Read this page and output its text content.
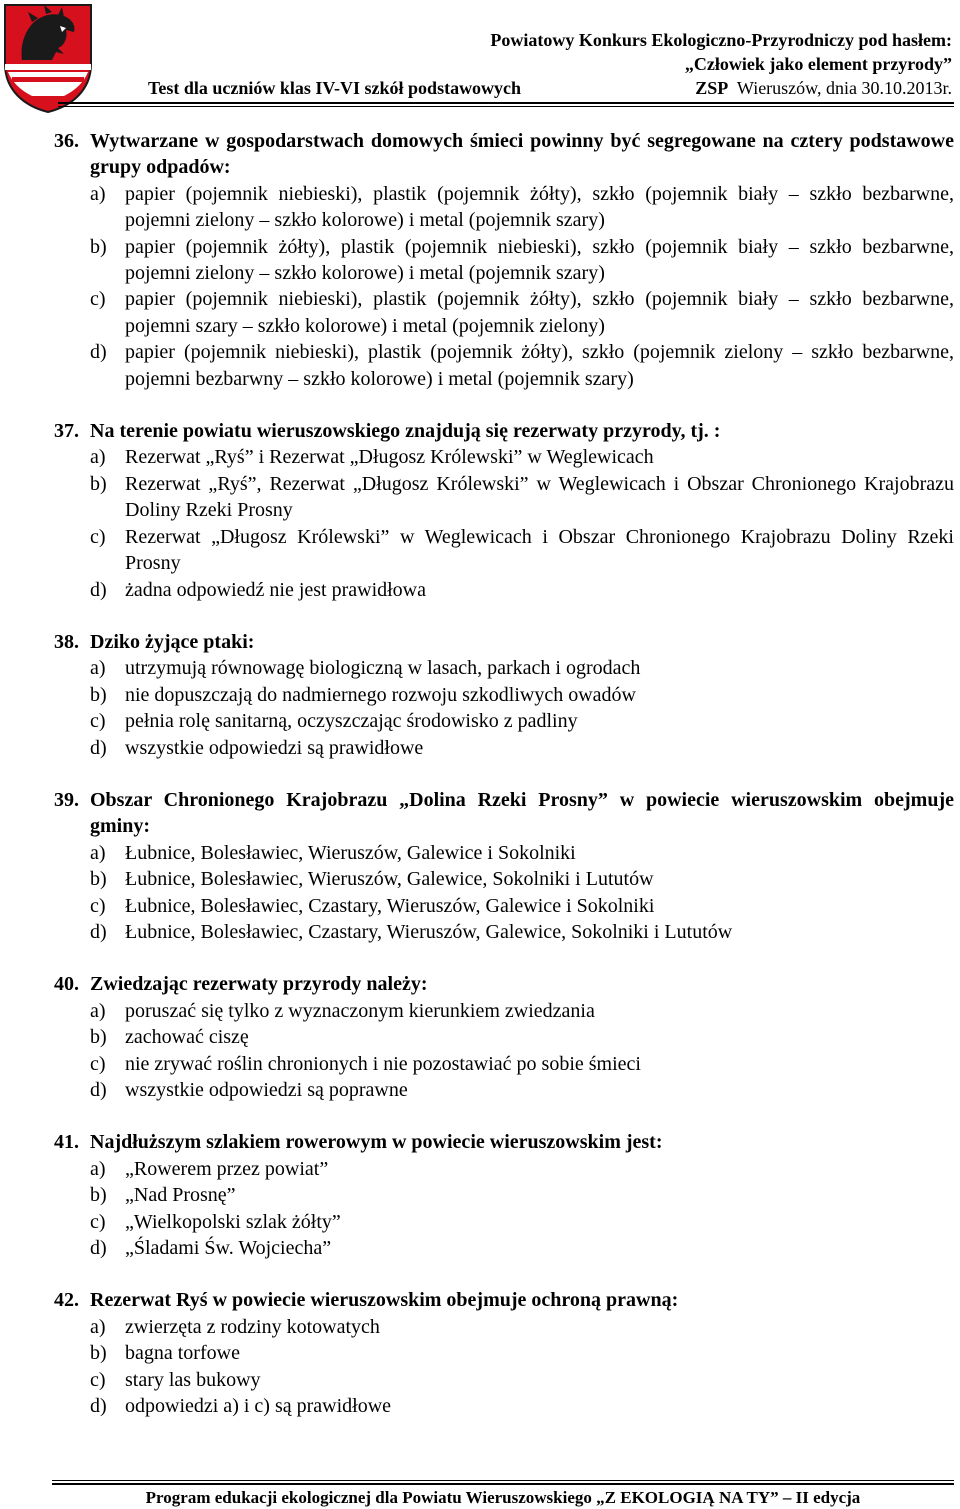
Powiatowy Konkurs Ekologiczno-Przyrodniczy pod hasłem:
„Człowiek jako element przyrody”
Test dla uczniów klas IV-VI szkół podstawowych	ZSP Wieruszów, dnia 30.10.2013r.
36. Wytwarzane w gospodarstwach domowych śmieci powinny być segregowane na cztery podstawowe grupy odpadów:
a) papier (pojemnik niebieski), plastik (pojemnik żółty), szkło (pojemnik biały – szkło bezbarwne, pojemni zielony – szkło kolorowe) i metal (pojemnik szary)
b) papier (pojemnik żółty), plastik (pojemnik niebieski), szkło (pojemnik biały – szkło bezbarwne, pojemni zielony – szkło kolorowe) i metal (pojemnik szary)
c) papier (pojemnik niebieski), plastik (pojemnik żółty), szkło (pojemnik biały – szkło bezbarwne, pojemni szary – szkło kolorowe) i metal (pojemnik zielony)
d) papier (pojemnik niebieski), plastik (pojemnik żółty), szkło (pojemnik zielony – szkło bezbarwne, pojemni bezbarwny – szkło kolorowe) i metal (pojemnik szary)
37. Na terenie powiatu wieruszowskiego znajdują się rezerwaty przyrody, tj. :
a) Rezerwat „Ryś” i Rezerwat „Długosz Królewski” w Weglewicach
b) Rezerwat „Ryś”, Rezerwat „Długosz Królewski” w Weglewicach i Obszar Chronionego Krajobrazu Doliny Rzeki Prosny
c) Rezerwat „Długosz Królewski” w Weglewicach i Obszar Chronionego Krajobrazu Doliny Rzeki Prosny
d) żadna odpowiedź nie jest prawidłowa
38. Dziko żyjące ptaki:
a) utrzymują równowagę biologiczną w lasach, parkach i ogrodach
b) nie dopuszczają do nadmiernego rozwoju szkodliwych owadów
c) pełnia rolę sanitarną, oczyszczając środowisko z padliny
d) wszystkie odpowiedzi są prawidłowe
39. Obszar Chronionego Krajobrazu „Dolina Rzeki Prosny” w powiecie wieruszowskim obejmuje gminy:
a) Łubnice, Bolesławiec, Wieruszów, Galewice i Sokolniki
b) Łubnice, Bolesławiec, Wieruszów, Galewice, Sokolniki i Lututów
c) Łubnice, Bolesławiec, Czastary, Wieruszów, Galewice i Sokolniki
d) Łubnice, Bolesławiec, Czastary, Wieruszów, Galewice, Sokolniki i Lututów
40. Zwiedzając rezerwaty przyrody należy:
a) poruszać się tylko z wyznaczonym kierunkiem zwiedzania
b) zachować ciszę
c) nie zrywać roślin chronionych i nie pozostawiać po sobie śmieci
d) wszystkie odpowiedzi są poprawne
41. Najdłuższym szlakiem rowerowym w powiecie wieruszowskim jest:
a) „Rowerem przez powiat”
b) „Nad Prosnę”
c) „Wielkopolski szlak żółty”
d) „Śladami Św. Wojciecha”
42. Rezerwat Ryś w powiecie wieruszowskim obejmuje ochroną prawną:
a) zwierzęta z rodziny kotowatych
b) bagna torfowe
c) stary las bukowy
d) odpowiedzi a) i c) są prawidłowe
Program edukacji ekologicznej dla Powiatu Wieruszowskiego „Z EKOLOGIĄ NA TY” – II edycja
